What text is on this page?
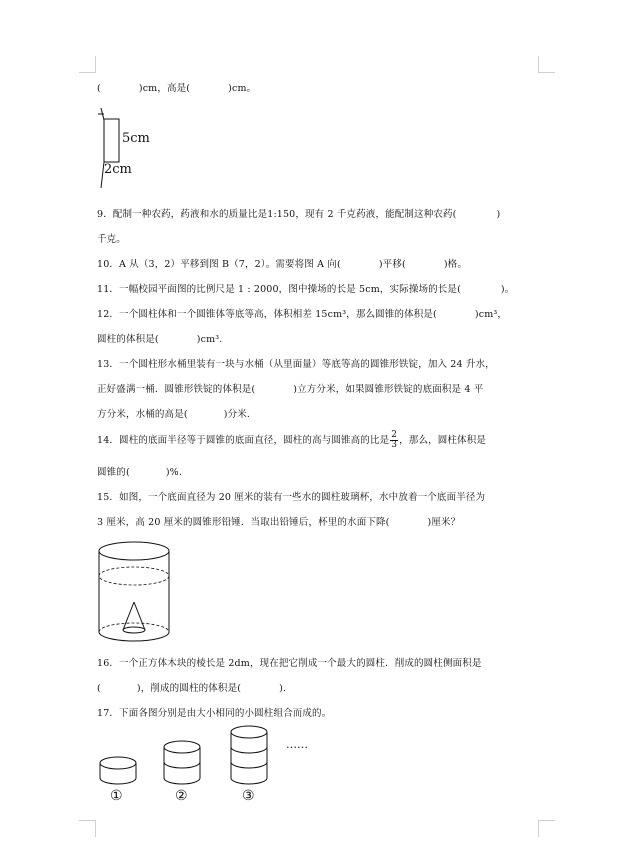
(	)cm，高是(	)cm。
5cm
2cm
9．配制一种农药，药液和水的质量比是1:150，现有 2 千克药液，能配制这种农药(	)
千克。
10．A 从（3，2）平移到图 B（7，2）。需要将图 A 向(	)平移(	)格。
11．一幅校园平面图的比例尺是 1 : 2000，图中操场的长是 5cm，实际操场的长是(	)。
12．一个圆柱体和一个圆锥体等底等高，体积相差 15cm³，那么圆锥的体积是(	)cm³，
圆柱的体积是(	)cm³.
13．一个圆柱形水桶里装有一块与水桶（从里面量）等底等高的圆锥形铁锭，加入 24 升水，
正好盛满一桶．圆锥形铁锭的体积是(	)立方分米，如果圆锥形铁锭的底面积是 4 平
方分米，水桶的高是(	)分米.
14．圆柱的底面半径等于圆锥的底面直径，圆柱的高与圆锥高的比是 $\frac{2}{3}$ ，那么，圆柱体积是
圆锥的(	)%.
15．如图，一个底面直径为 20 厘米的装有一些水的圆柱玻璃杯，水中放着一个底面半径为
3 厘米，高 20 厘米的圆锥形铅锤．当取出铅锤后，杯里的水面下降(	)厘米？
16．一个正方体木块的棱长是 2dm，现在把它削成一个最大的圆柱．削成的圆柱侧面积是
(	)，削成的圆柱的体积是(	).
17．下面各图分别是由大小相同的小圆柱组合而成的。
①	②	③
……
